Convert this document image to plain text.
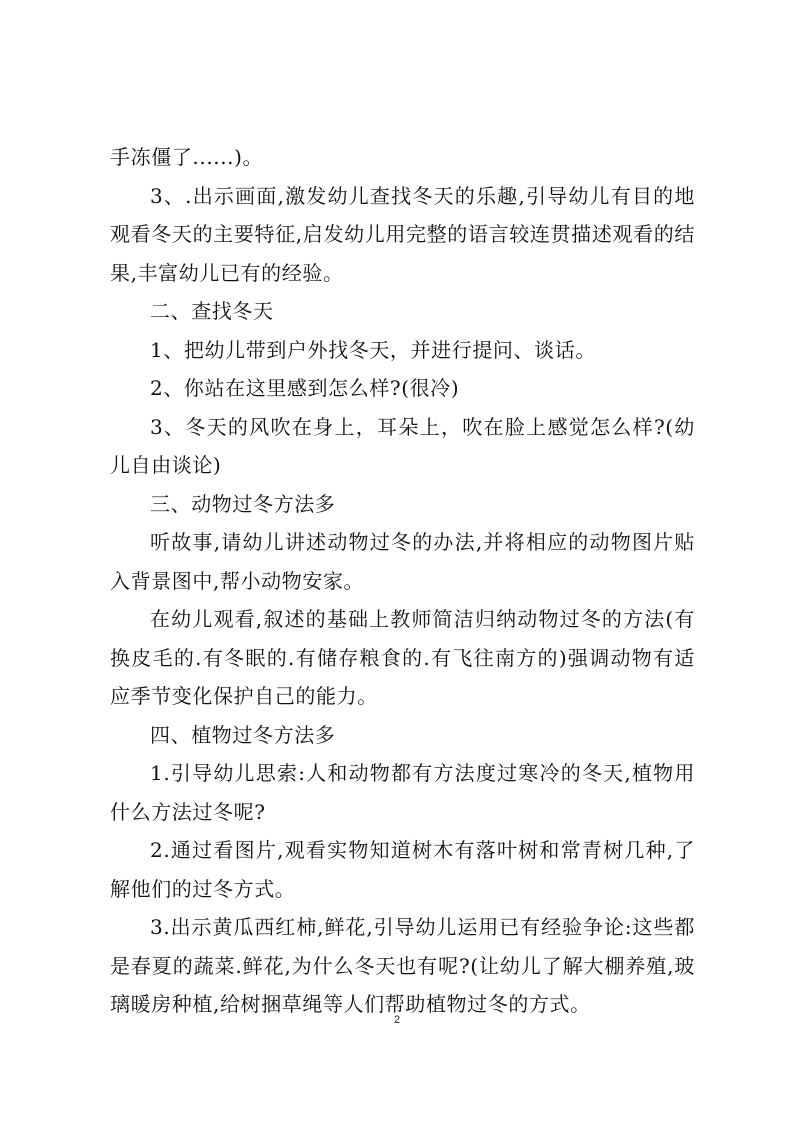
手冻僵了......)。

3、.出示画面,激发幼儿查找冬天的乐趣,引导幼儿有目的地观看冬天的主要特征,启发幼儿用完整的语言较连贯描述观看的结果,丰富幼儿已有的经验。

二、查找冬天

1、把幼儿带到户外找冬天，并进行提问、谈话。

2、你站在这里感到怎么样?(很冷)

3、冬天的风吹在身上，耳朵上，吹在脸上感觉怎么样?(幼儿自由谈论)

三、动物过冬方法多

听故事,请幼儿讲述动物过冬的办法,并将相应的动物图片贴入背景图中,帮小动物安家。

在幼儿观看,叙述的基础上教师简洁归纳动物过冬的方法(有换皮毛的.有冬眠的.有储存粮食的.有飞往南方的)强调动物有适应季节变化保护自己的能力。

四、植物过冬方法多

1.引导幼儿思索:人和动物都有方法度过寒冷的冬天,植物用什么方法过冬呢?

2.通过看图片,观看实物知道树木有落叶树和常青树几种,了解他们的过冬方式。

3.出示黄瓜西红柿,鲜花,引导幼儿运用已有经验争论:这些都是春夏的蔬菜.鲜花,为什么冬天也有呢?(让幼儿了解大棚养殖,玻璃暖房种植,给树捆草绳等人们帮助植物过冬的方式。

2
